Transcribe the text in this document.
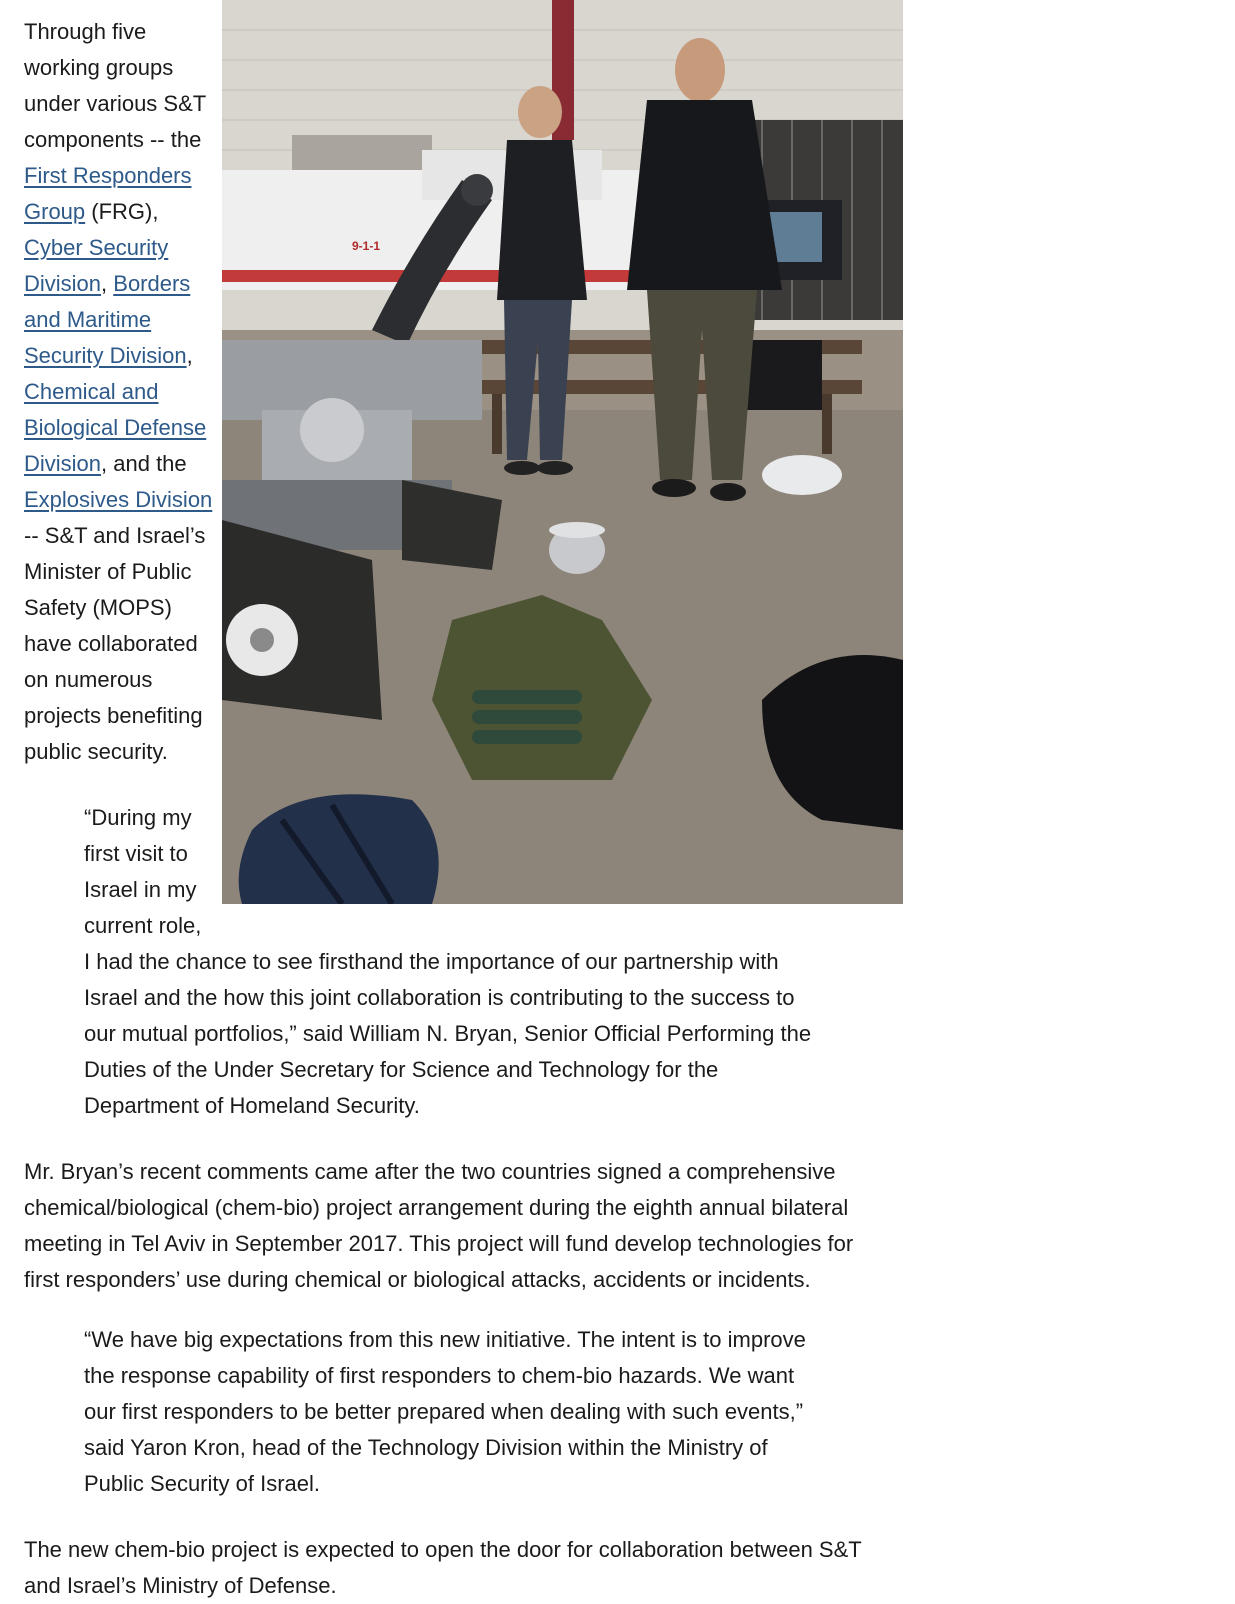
Through five
working groups
under various S&T
components -- the
First Responders
Group (FRG),
Cyber Security
Division, Borders
and Maritime
Security Division,
Chemical and
Biological Defense
Division, and the
Explosives Division
-- S&T and Israel’s
Minister of Public
Safety (MOPS)
have collaborated
on numerous
projects benefiting
public security.
9-1-1
“During my
first visit to
Israel in my
current role,
I had the chance to see firsthand the importance of our partnership with
Israel and the how this joint collaboration is contributing to the success to
our mutual portfolios,” said William N. Bryan, Senior Official Performing the
Duties of the Under Secretary for Science and Technology for the
Department of Homeland Security.
Mr. Bryan’s recent comments came after the two countries signed a comprehensive
chemical/biological (chem-bio) project arrangement during the eighth annual bilateral
meeting in Tel Aviv in September 2017. This project will fund develop technologies for
first responders’ use during chemical or biological attacks, accidents or incidents.
“We have big expectations from this new initiative. The intent is to improve
the response capability of first responders to chem-bio hazards. We want
our first responders to be better prepared when dealing with such events,”
said Yaron Kron, head of the Technology Division within the Ministry of
Public Security of Israel.
The new chem-bio project is expected to open the door for collaboration between S&T
and Israel’s Ministry of Defense.
